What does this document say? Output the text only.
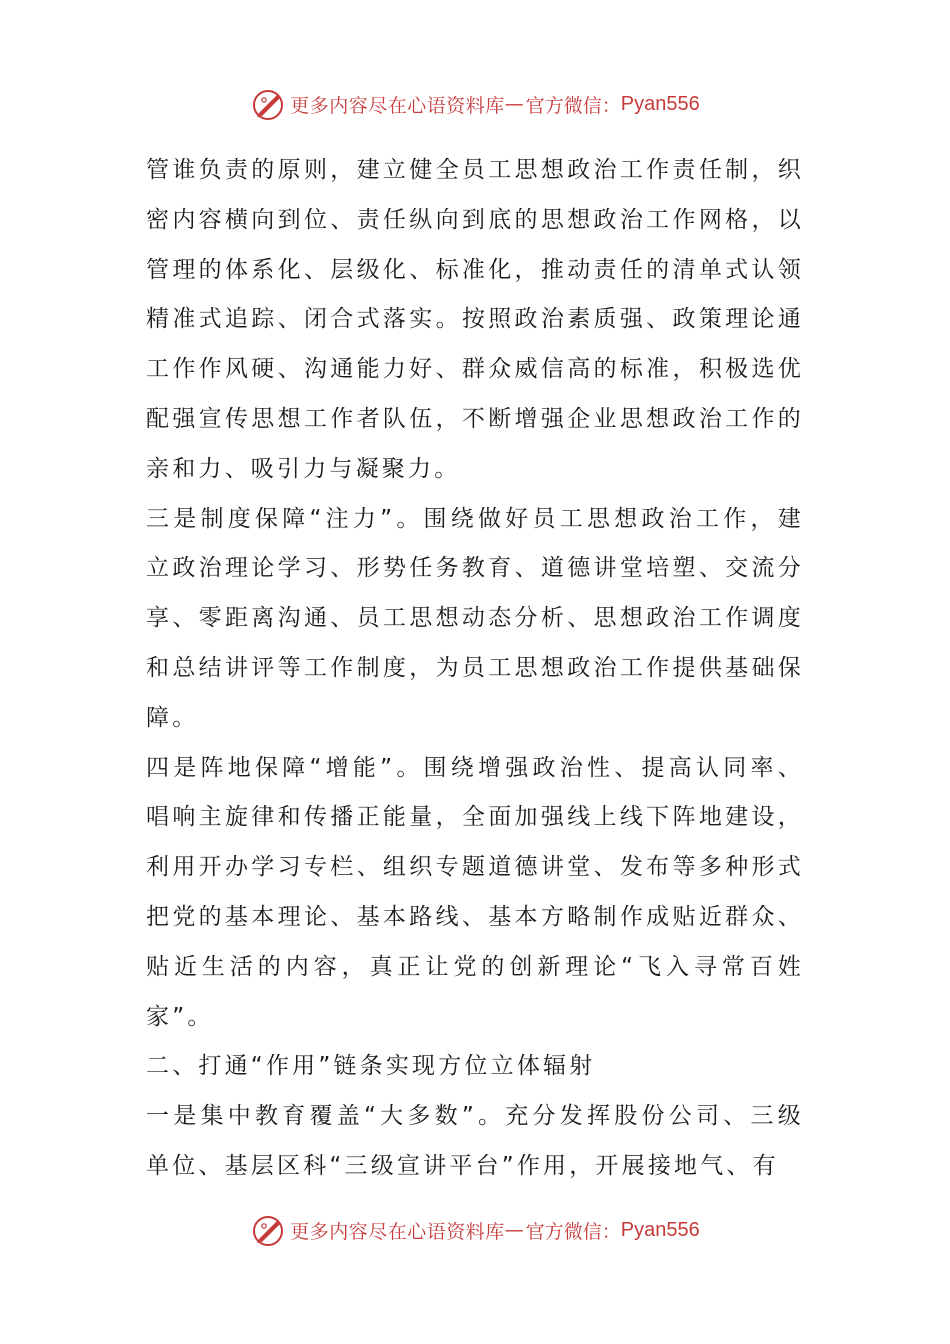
更多内容尽在心语资料库 — 官方微信： Pyan556

管谁负责的原则，建立健全员工思想政治工作责任制，织密内容横向到位、责任纵向到底的思想政治工作网格，以管理的体系化、层级化、标准化，推动责任的清单式认领精准式追踪、闭合式落实。按照政治素质强、政策理论通工作作风硬、沟通能力好、群众威信高的标准，积极选优配强宣传思想工作者队伍，不断增强企业思想政治工作的亲和力、吸引力与凝聚力。

三是制度保障“注力”。围绕做好员工思想政治工作，建立政治理论学习、形势任务教育、道德讲堂培塑、交流分享、零距离沟通、员工思想动态分析、思想政治工作调度和总结讲评等工作制度，为员工思想政治工作提供基础保障。

四是阵地保障“增能”。围绕增强政治性、提高认同率、唱响主旋律和传播正能量，全面加强线上线下阵地建设，利用开办学习专栏、组织专题道德讲堂、发布等多种形式把党的基本理论、基本路线、基本方略制作成贴近群众、贴近生活的内容，真正让党的创新理论“飞入寻常百姓家”。

二、打通“作用”链条实现方位立体辐射

一是集中教育覆盖“大多数”。充分发挥股份公司、三级单位、基层区科“三级宣讲平台”作用，开展接地气、有

更多内容尽在心语资料库 — 官方微信： Pyan556
